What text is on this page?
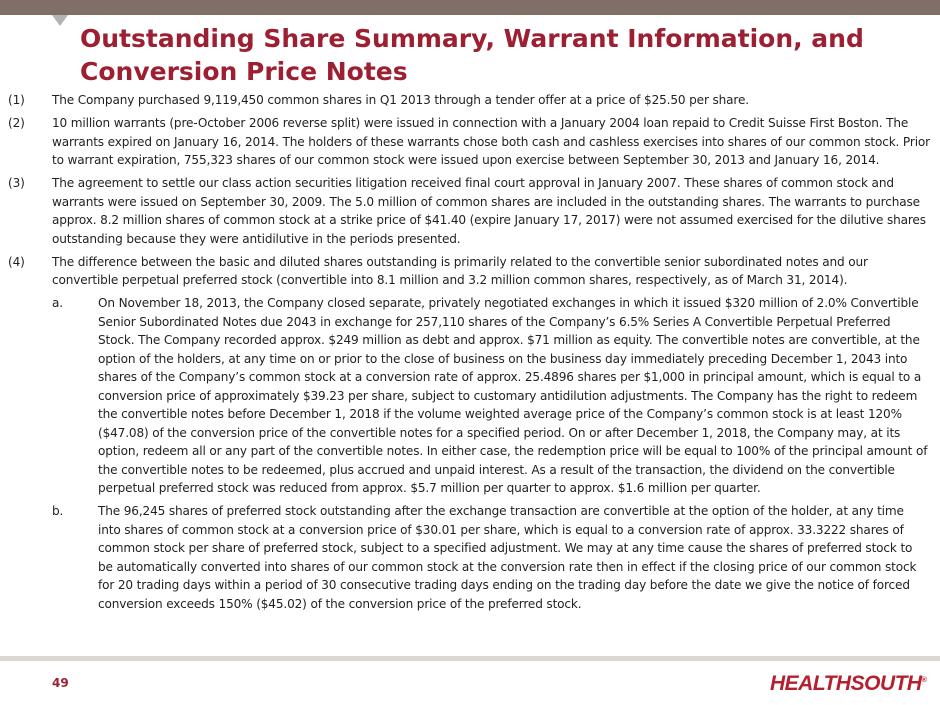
Outstanding Share Summary, Warrant Information, and Conversion Price Notes
(1) The Company purchased 9,119,450 common shares in Q1 2013 through a tender offer at a price of $25.50 per share.
(2) 10 million warrants (pre-October 2006 reverse split) were issued in connection with a January 2004 loan repaid to Credit Suisse First Boston. The warrants expired on January 16, 2014. The holders of these warrants chose both cash and cashless exercises into shares of our common stock. Prior to warrant expiration, 755,323 shares of our common stock were issued upon exercise between September 30, 2013 and January 16, 2014.
(3) The agreement to settle our class action securities litigation received final court approval in January 2007. These shares of common stock and warrants were issued on September 30, 2009. The 5.0 million of common shares are included in the outstanding shares. The warrants to purchase approx. 8.2 million shares of common stock at a strike price of $41.40 (expire January 17, 2017) were not assumed exercised for the dilutive shares outstanding because they were antidilutive in the periods presented.
(4) The difference between the basic and diluted shares outstanding is primarily related to the convertible senior subordinated notes and our convertible perpetual preferred stock (convertible into 8.1 million and 3.2 million common shares, respectively, as of March 31, 2014).
a.	On November 18, 2013, the Company closed separate, privately negotiated exchanges in which it issued $320 million of 2.0% Convertible Senior Subordinated Notes due 2043 in exchange for 257,110 shares of the Company’s 6.5% Series A Convertible Perpetual Preferred Stock. The Company recorded approx. $249 million as debt and approx. $71 million as equity. The convertible notes are convertible, at the option of the holders, at any time on or prior to the close of business on the business day immediately preceding December 1, 2043 into shares of the Company’s common stock at a conversion rate of approx. 25.4896 shares per $1,000 in principal amount, which is equal to a conversion price of approximately $39.23 per share, subject to customary antidilution adjustments. The Company has the right to redeem the convertible notes before December 1, 2018 if the volume weighted average price of the Company’s common stock is at least 120% ($47.08) of the conversion price of the convertible notes for a specified period. On or after December 1, 2018, the Company may, at its option, redeem all or any part of the convertible notes. In either case, the redemption price will be equal to 100% of the principal amount of the convertible notes to be redeemed, plus accrued and unpaid interest. As a result of the transaction, the dividend on the convertible perpetual preferred stock was reduced from approx. $5.7 million per quarter to approx. $1.6 million per quarter.
b.	The 96,245 shares of preferred stock outstanding after the exchange transaction are convertible at the option of the holder, at any time into shares of common stock at a conversion price of $30.01 per share, which is equal to a conversion rate of approx. 33.3222 shares of common stock per share of preferred stock, subject to a specified adjustment. We may at any time cause the shares of preferred stock to be automatically converted into shares of our common stock at the conversion rate then in effect if the closing price of our common stock for 20 trading days within a period of 30 consecutive trading days ending on the trading day before the date we give the notice of forced conversion exceeds 150% ($45.02) of the conversion price of the preferred stock.
49	HEALTHSOUTH®
